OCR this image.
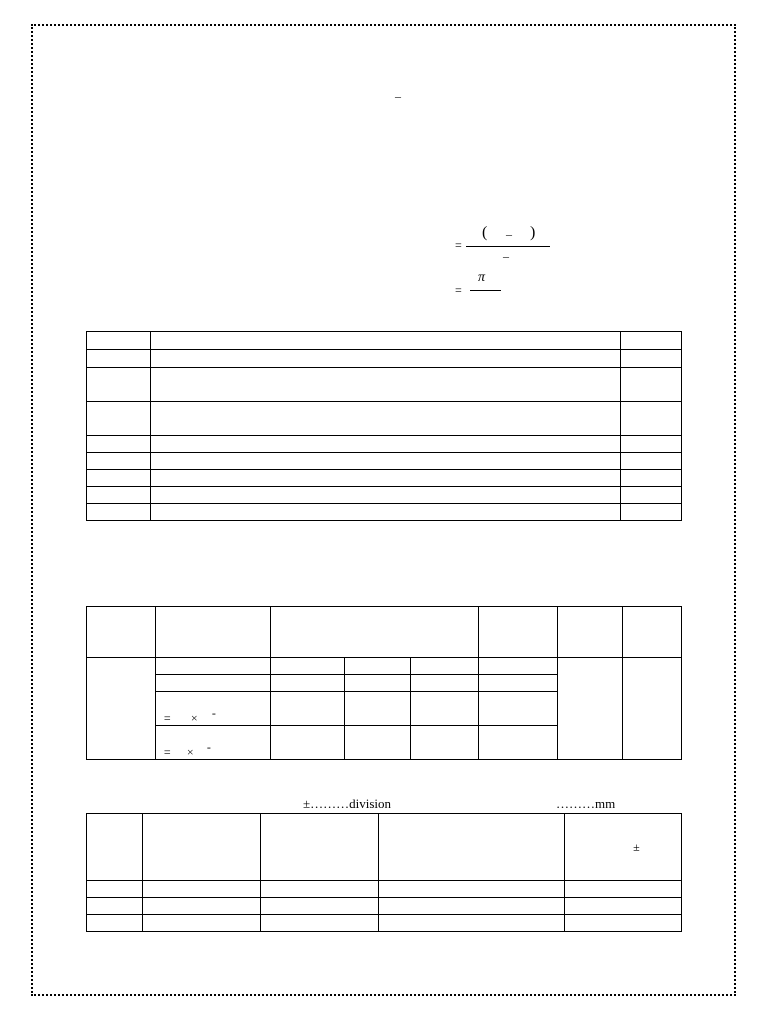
–
=
( – )
–
=
π

	= × -						

	= × -						

±………division	………mm

				±
